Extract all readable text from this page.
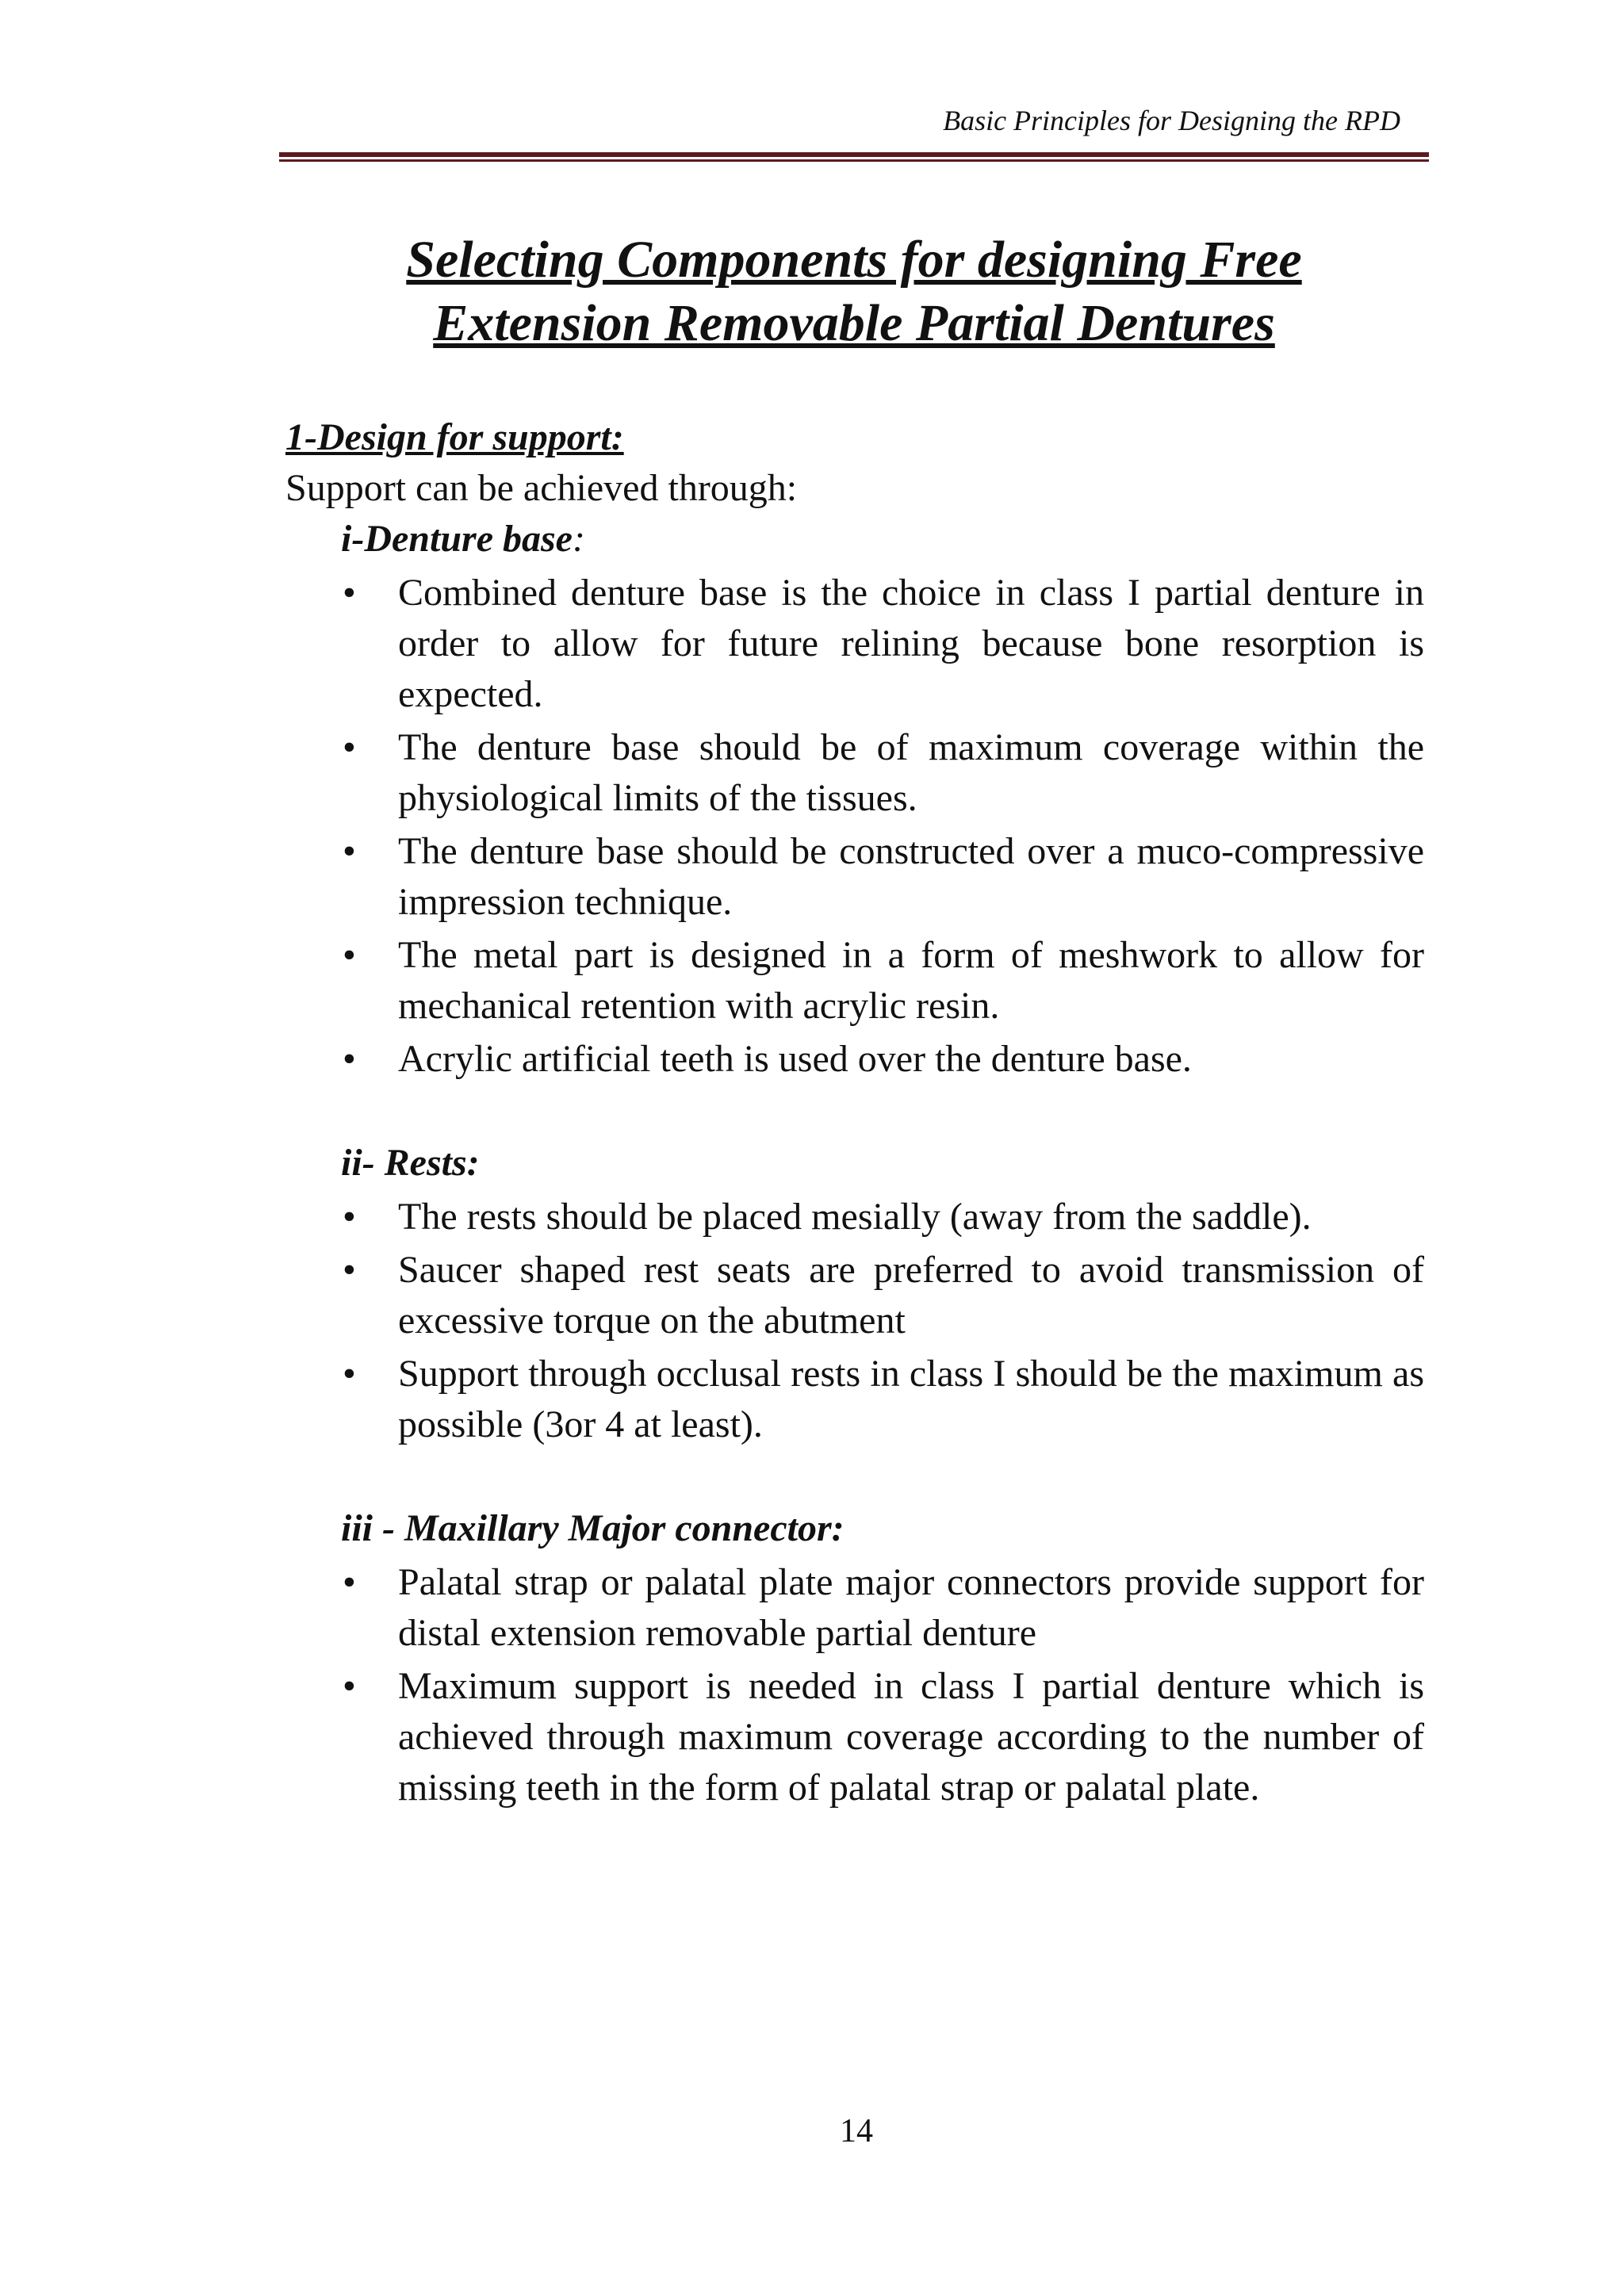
Basic Principles for Designing the RPD
Selecting Components for designing Free
Extension Removable Partial Dentures

1-Design for support:

Support can be achieved through:

i-Denture base:

• Combined denture base is the choice in class I partial denture in order to allow for future relining because bone resorption is expected.
• The denture base should be of maximum coverage within the physiological limits of the tissues.
• The denture base should be constructed over a muco-compressive impression technique.
• The metal part is designed in a form of meshwork to allow for mechanical retention with acrylic resin.
• Acrylic artificial teeth is used over the denture base.

ii- Rests:

• The rests should be placed mesially (away from the saddle).
• Saucer shaped rest seats are preferred to avoid transmission of excessive torque on the abutment
• Support through occlusal rests in class I should be the maximum as possible (3or 4 at least).

iii - Maxillary Major connector:

• Palatal strap or palatal plate major connectors provide support for distal extension removable partial denture
• Maximum support is needed in class I partial denture which is achieved through maximum coverage according to the number of missing teeth in the form of palatal strap or palatal plate.
14
